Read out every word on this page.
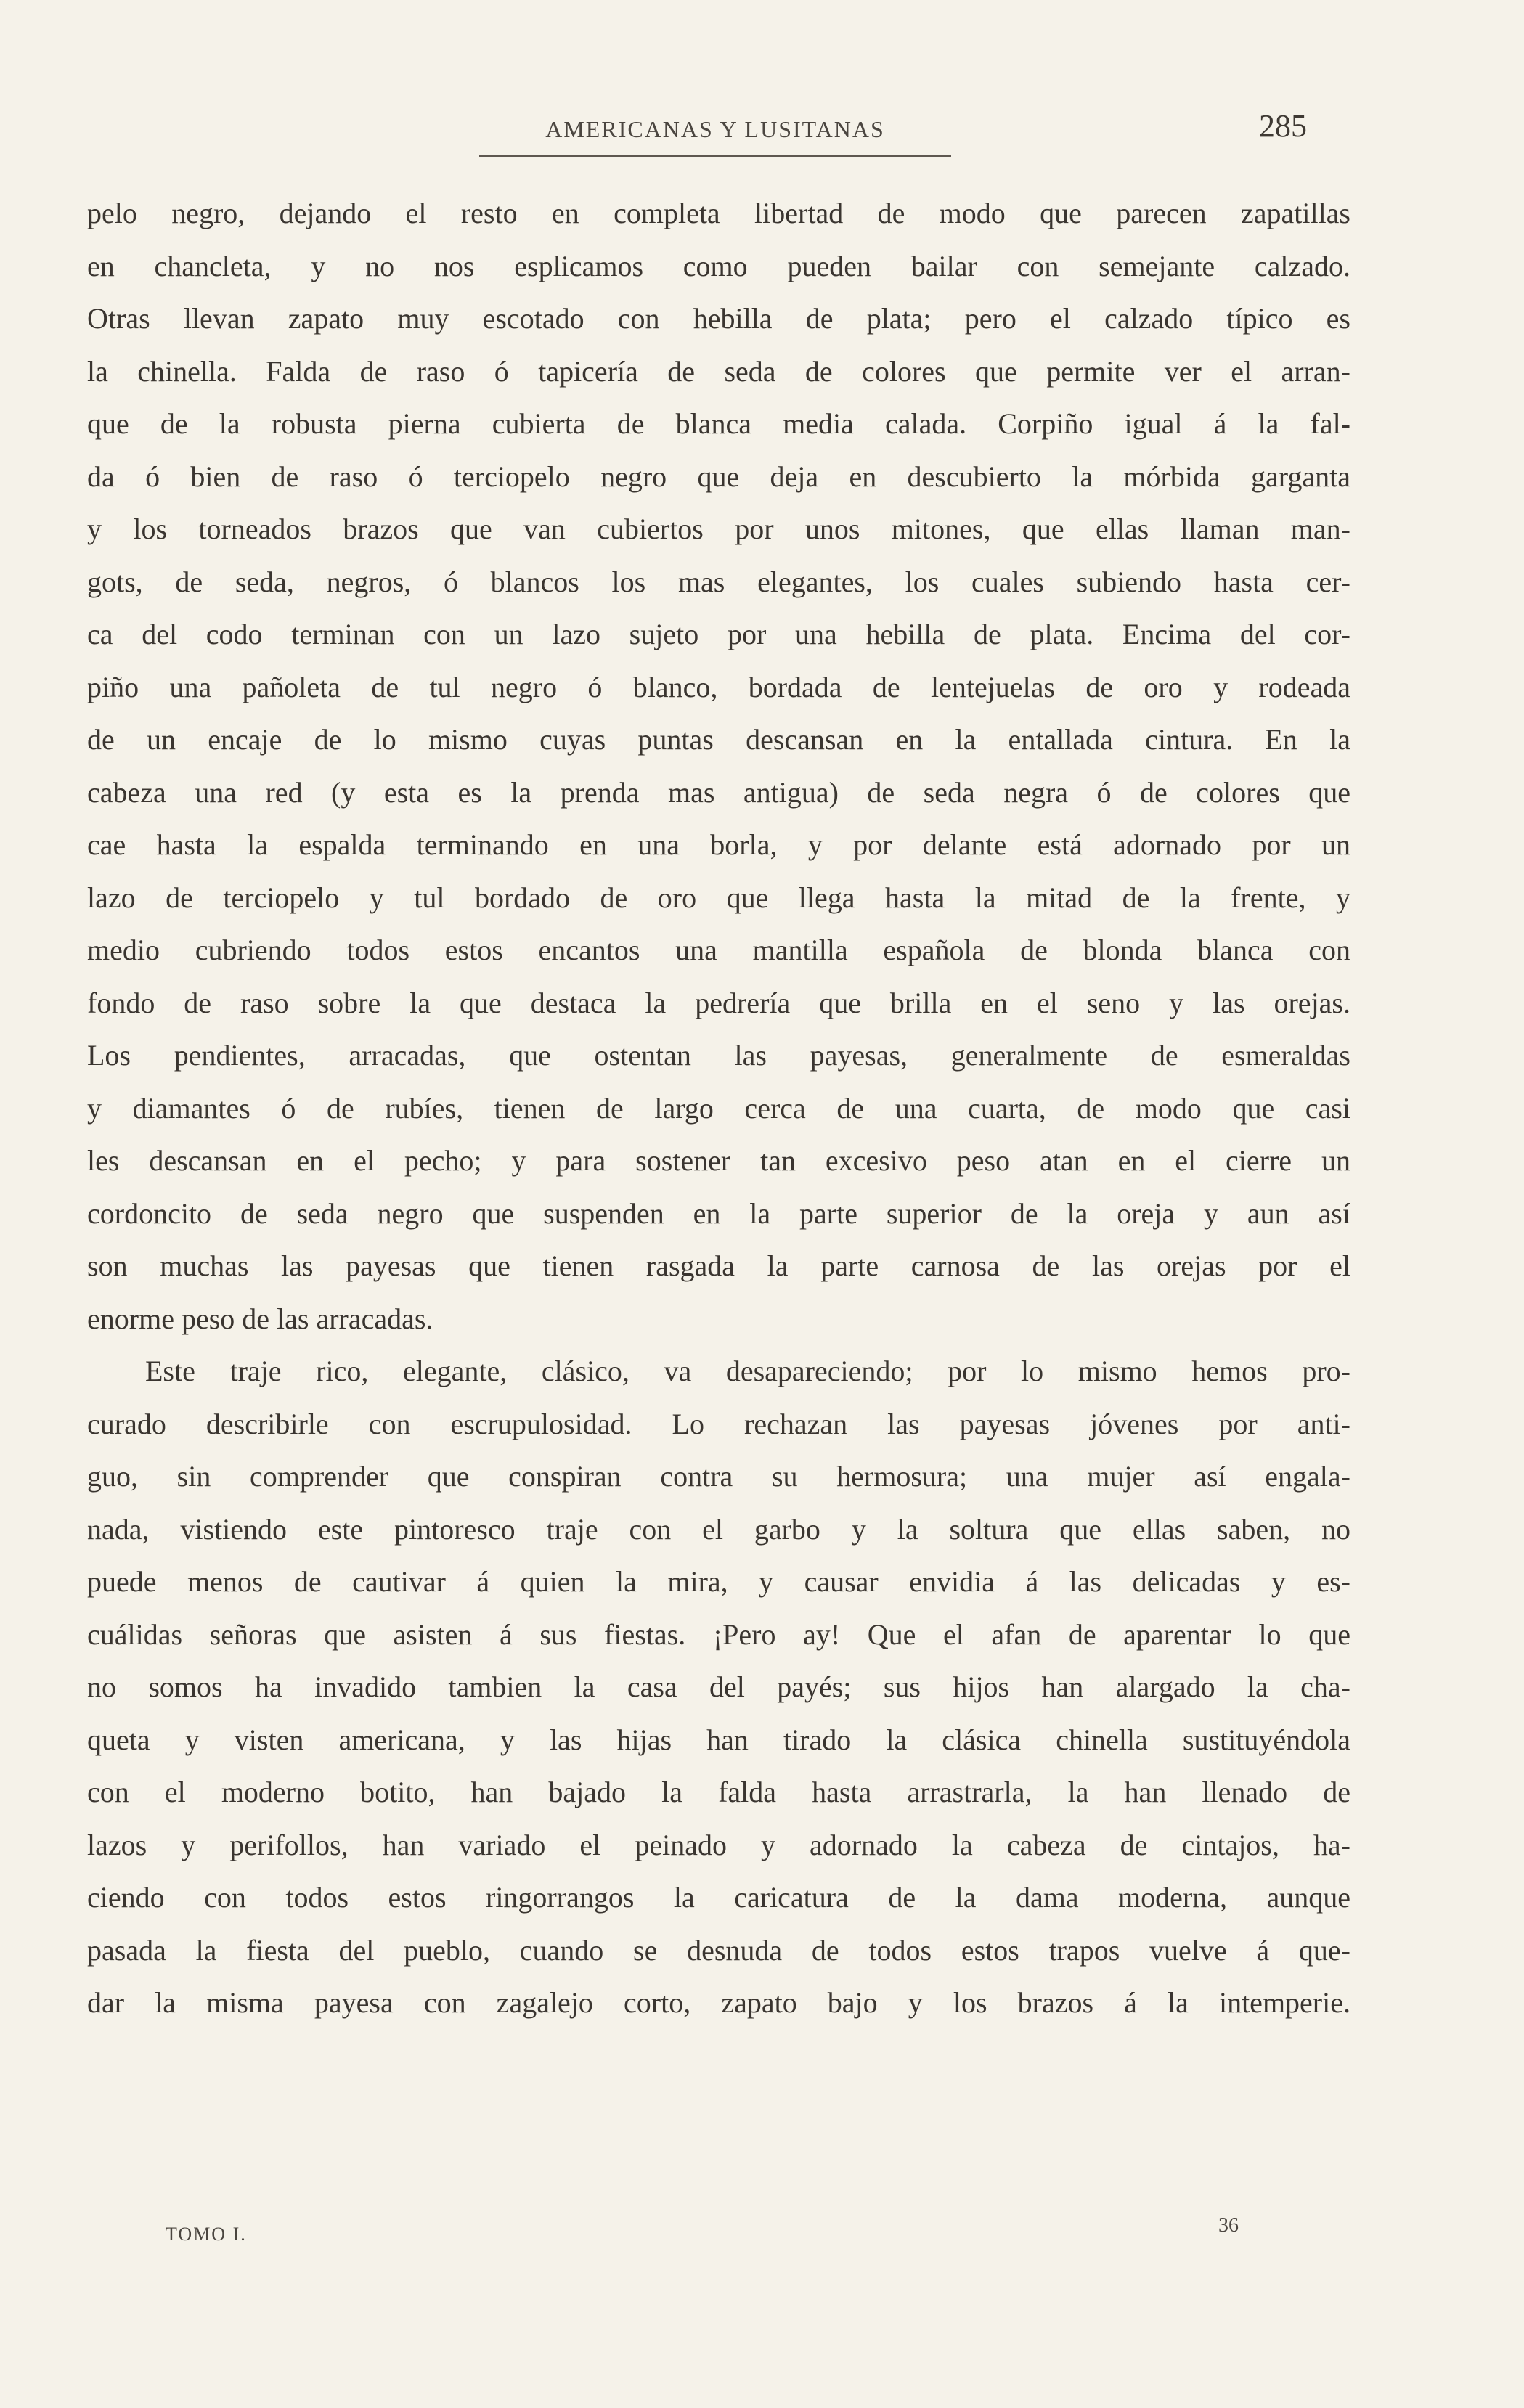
AMERICANAS Y LUSITANAS	285
pelo negro, dejando el resto en completa libertad de modo que parecen zapatillas
en chancleta, y no nos esplicamos como pueden bailar con semejante calzado.
Otras llevan zapato muy escotado con hebilla de plata; pero el calzado típico es
la chinella. Falda de raso ó tapicería de seda de colores que permite ver el arran-
que de la robusta pierna cubierta de blanca media calada. Corpiño igual á la fal-
da ó bien de raso ó terciopelo negro que deja en descubierto la mórbida garganta
y los torneados brazos que van cubiertos por unos mitones, que ellas llaman man-
gots, de seda, negros, ó blancos los mas elegantes, los cuales subiendo hasta cer-
ca del codo terminan con un lazo sujeto por una hebilla de plata. Encima del cor-
piño una pañoleta de tul negro ó blanco, bordada de lentejuelas de oro y rodeada
de un encaje de lo mismo cuyas puntas descansan en la entallada cintura. En la
cabeza una red (y esta es la prenda mas antigua) de seda negra ó de colores que
cae hasta la espalda terminando en una borla, y por delante está adornado por un
lazo de terciopelo y tul bordado de oro que llega hasta la mitad de la frente, y
medio cubriendo todos estos encantos una mantilla española de blonda blanca con
fondo de raso sobre la que destaca la pedrería que brilla en el seno y las orejas.
Los pendientes, arracadas, que ostentan las payesas, generalmente de esmeraldas
y diamantes ó de rubíes, tienen de largo cerca de una cuarta, de modo que casi
les descansan en el pecho; y para sostener tan excesivo peso atan en el cierre un
cordoncito de seda negro que suspenden en la parte superior de la oreja y aun así
son muchas las payesas que tienen rasgada la parte carnosa de las orejas por el
enorme peso de las arracadas.
Este traje rico, elegante, clásico, va desapareciendo; por lo mismo hemos pro-
curado describirle con escrupulosidad. Lo rechazan las payesas jóvenes por anti-
guo, sin comprender que conspiran contra su hermosura; una mujer así engala-
nada, vistiendo este pintoresco traje con el garbo y la soltura que ellas saben, no
puede menos de cautivar á quien la mira, y causar envidia á las delicadas y es-
cuálidas señoras que asisten á sus fiestas. ¡Pero ay! Que el afan de aparentar lo que
no somos ha invadido tambien la casa del payés; sus hijos han alargado la cha-
queta y visten americana, y las hijas han tirado la clásica chinella sustituyéndola
con el moderno botito, han bajado la falda hasta arrastrarla, la han llenado de
lazos y perifollos, han variado el peinado y adornado la cabeza de cintajos, ha-
ciendo con todos estos ringorrangos la caricatura de la dama moderna, aunque
pasada la fiesta del pueblo, cuando se desnuda de todos estos trapos vuelve á que-
dar la misma payesa con zagalejo corto, zapato bajo y los brazos á la intemperie.
TOMO I.	36
